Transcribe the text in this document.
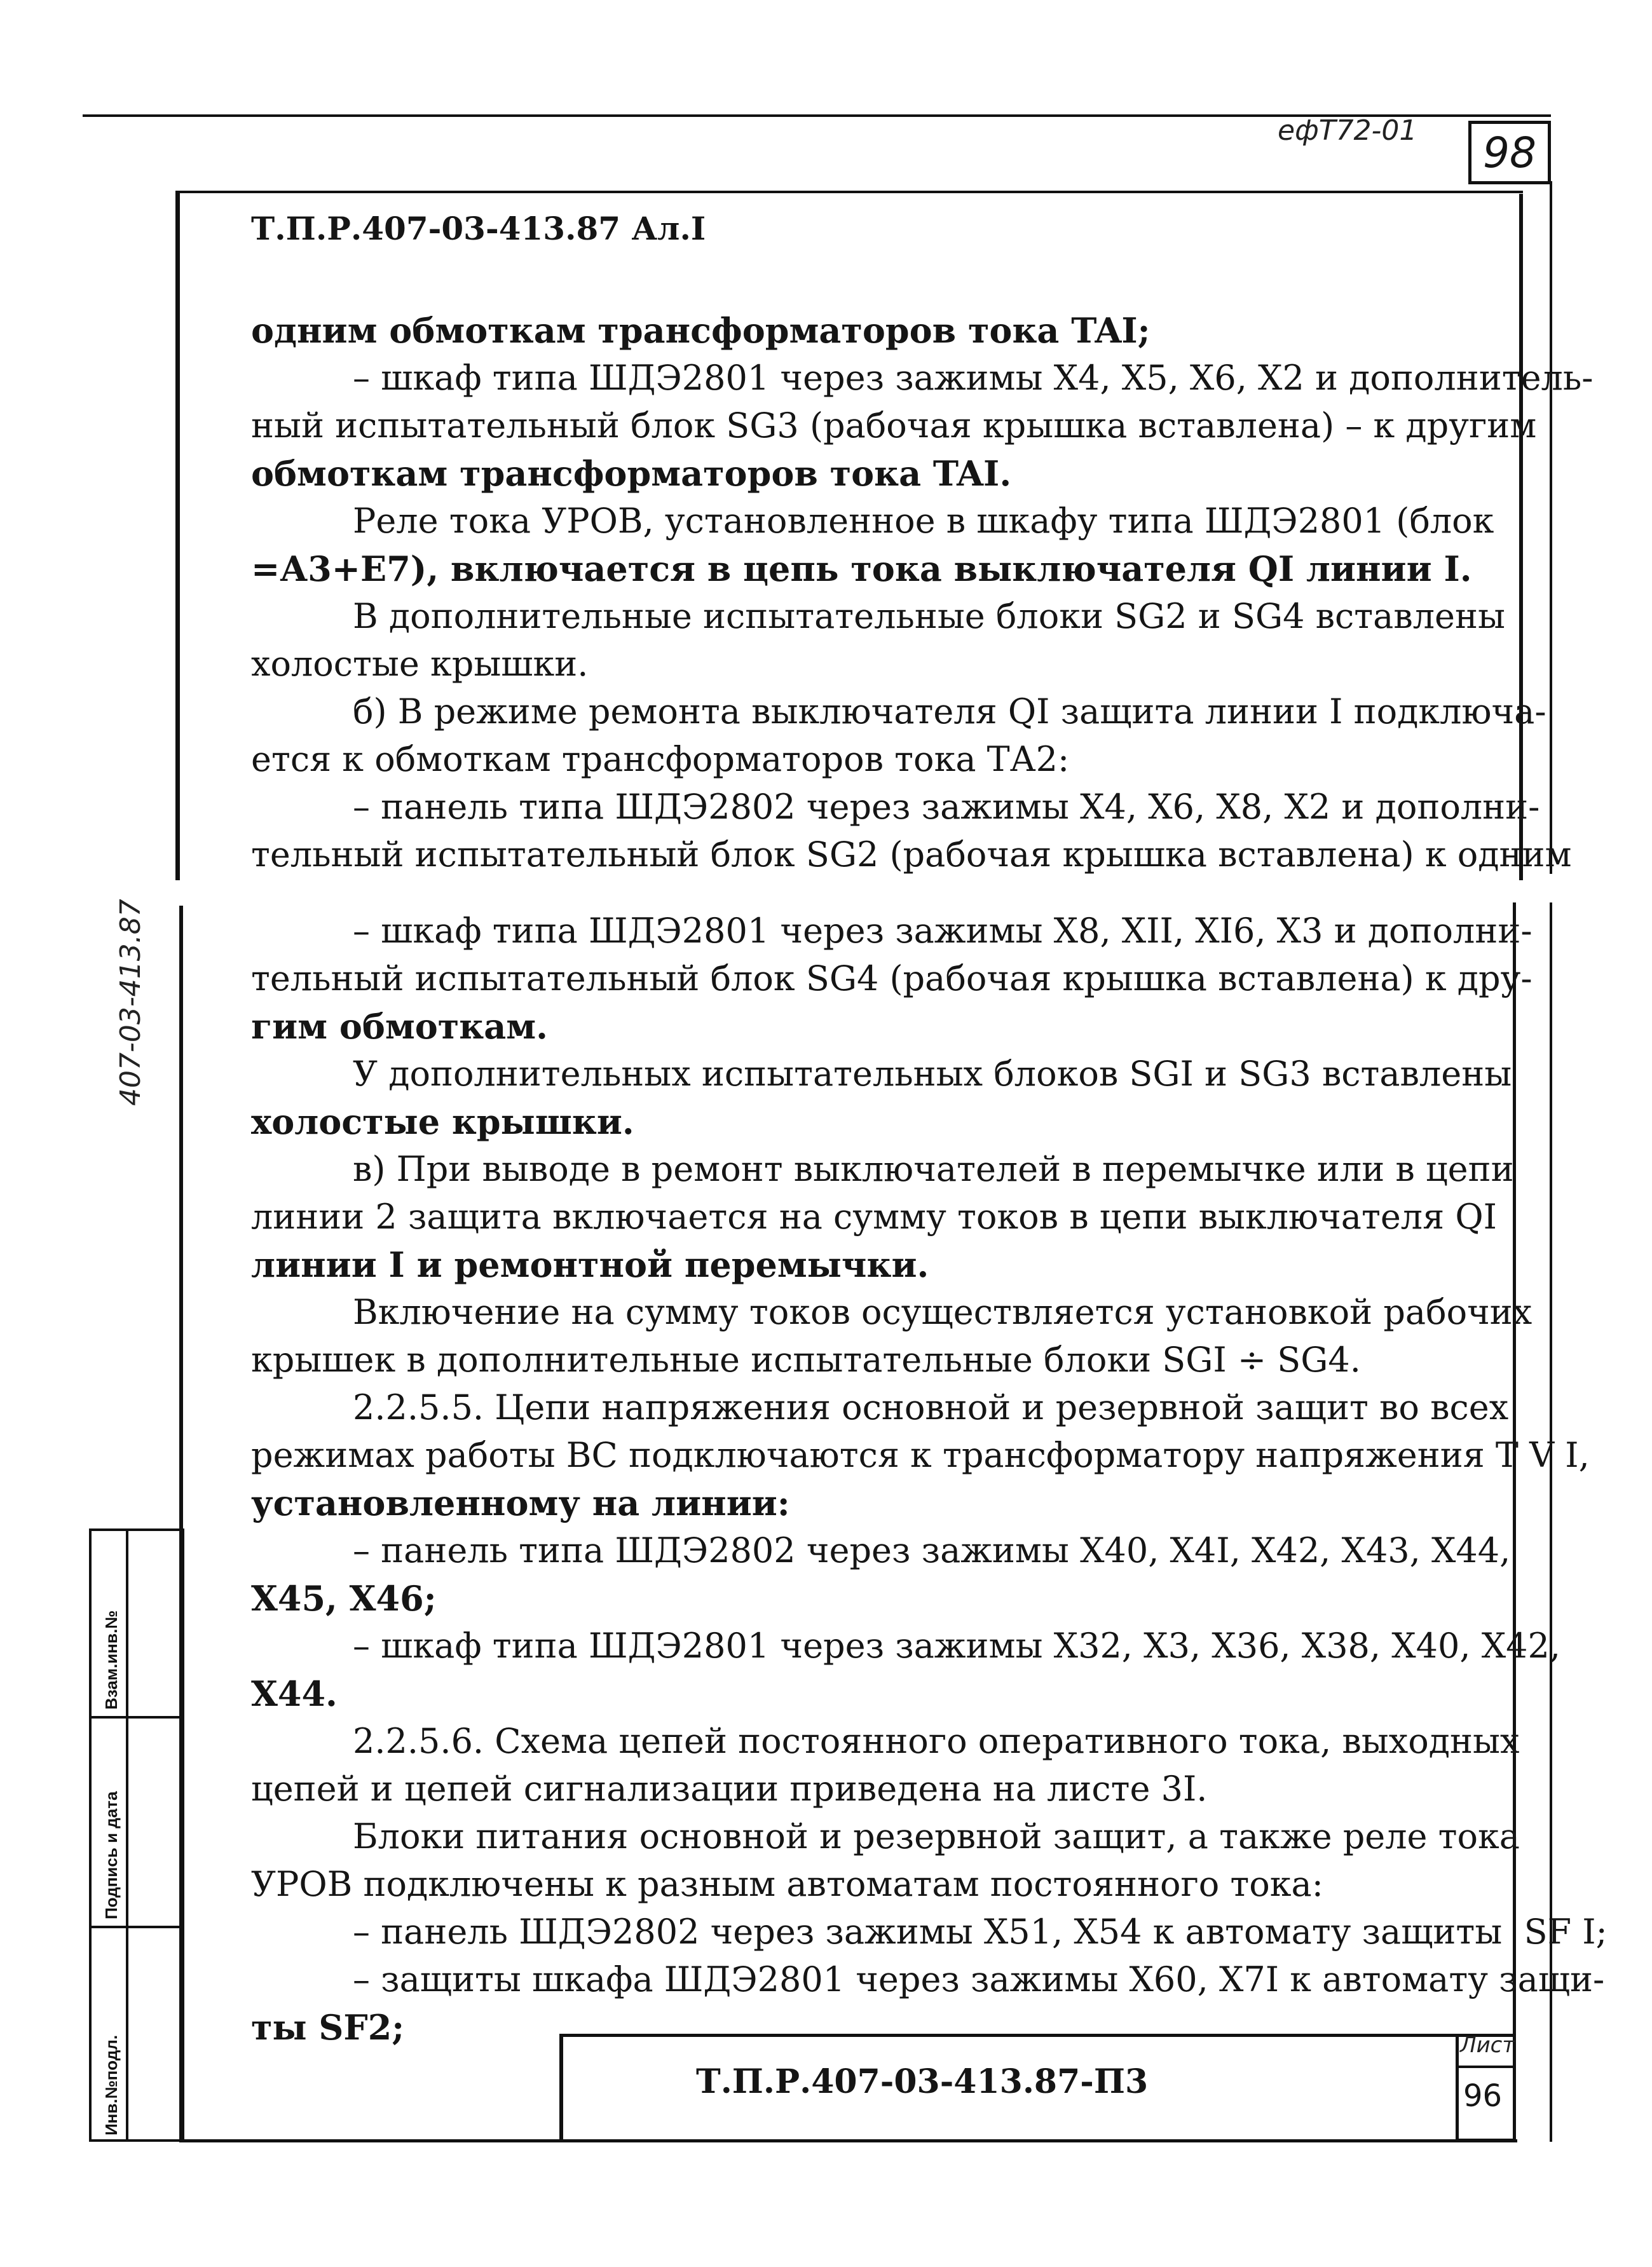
ефТ72-01 98
Т.П.Р.407-03-413.87 Ал.I
одним обмоткам трансформаторов тока TAI;
– шкаф типа ШДЭ2801 через зажимы Х4, Х5, Х6, Х2 и дополнитель-
ный испытательный блок SG3 (рабочая крышка вставлена) – к другим
обмоткам трансформаторов тока TAI.
Реле тока УРОВ, установленное в шкафу типа ШДЭ2801 (блок
=А3+Е7), включается в цепь тока выключателя QI линии I.
В дополнительные испытательные блоки SG2 и SG4 вставлены
холостые крышки.
б) В режиме ремонта выключателя QI защита линии I подключа-
ется к обмоткам трансформаторов тока ТА2:
– панель типа ШДЭ2802 через зажимы Х4, Х6, Х8, Х2 и дополни-
тельный испытательный блок SG2 (рабочая крышка вставлена) к одним
– шкаф типа ШДЭ2801 через зажимы Х8, ХII, ХI6, Х3 и дополни-
тельный испытательный блок SG4 (рабочая крышка вставлена) к дру-
гим обмоткам.
У дополнительных испытательных блоков SGI и SG3 вставлены
холостые крышки.
в) При выводе в ремонт выключателей в перемычке или в цепи
линии 2 защита включается на сумму токов в цепи выключателя QI
линии I и ремонтной перемычки.
Включение на сумму токов осуществляется установкой рабочих
крышек в дополнительные испытательные блоки SGI ÷ SG4.
2.2.5.5. Цепи напряжения основной и резервной защит во всех
режимах работы ВС подключаются к трансформатору напряжения T V I,
установленному на линии:
– панель типа ШДЭ2802 через зажимы Х40, Х4I, Х42, Х43, Х44,
Х45, Х46;
– шкаф типа ШДЭ2801 через зажимы Х32, Х3, Х36, Х38, Х40, Х42,
Х44.
2.2.5.6. Схема цепей постоянного оперативного тока, выходных
цепей и цепей сигнализации приведена на листе 3I.
Блоки питания основной и резервной защит, а также реле тока
УРОВ подключены к разным автоматам постоянного тока:
– панель ШДЭ2802 через зажимы Х51, Х54 к автомату защиты  SF I;
– защиты шкафа ШДЭ2801 через зажимы Х60, Х7I к автомату защи-
ты SF2;
407-03-413.87
Инв.№подл.
Подпись и дата
Взам.инв.№
Т.П.Р.407-03-413.87-П3
Лист
96
